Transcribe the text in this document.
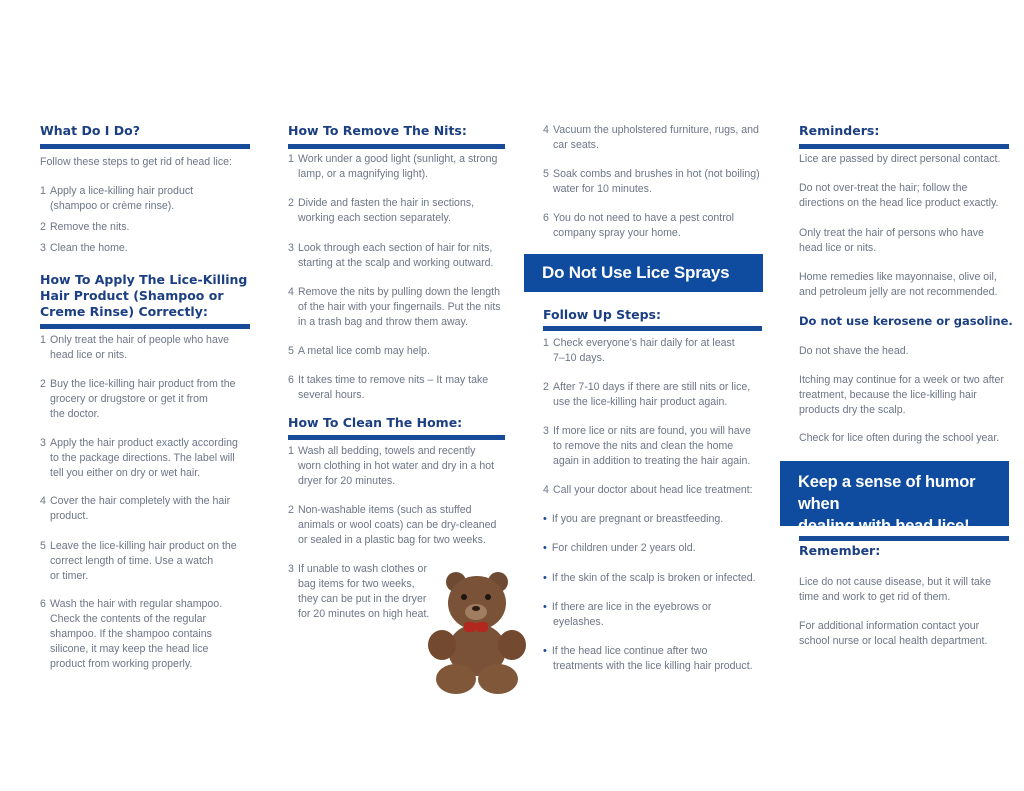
What Do I Do?
Follow these steps to get rid of head lice:
1 Apply a lice-killing hair product
(shampoo or crème rinse).
2 Remove the nits.
3 Clean the home.
How To Apply The Lice-Killing
Hair Product (Shampoo or
Creme Rinse) Correctly:
1 Only treat the hair of people who have
head lice or nits.
2 Buy the lice-killing hair product from the
grocery or drugstore or get it from
the doctor.
3 Apply the hair product exactly according
to the package directions. The label will
tell you either on dry or wet hair.
4 Cover the hair completely with the hair
product.
5 Leave the lice-killing hair product on the
correct length of time. Use a watch
or timer.
6 Wash the hair with regular shampoo.
Check the contents of the regular
shampoo. If the shampoo contains
silicone, it may keep the head lice
product from working properly.
How To Remove The Nits:
1 Work under a good light (sunlight, a strong
lamp, or a magnifying light).
2 Divide and fasten the hair in sections,
working each section separately.
3 Look through each section of hair for nits,
starting at the scalp and working outward.
4 Remove the nits by pulling down the length
of the hair with your fingernails. Put the nits
in a trash bag and throw them away.
5 A metal lice comb may help.
6 It takes time to remove nits – It may take
several hours.
How To Clean The Home:
1 Wash all bedding, towels and recently
worn clothing in hot water and dry in a hot
dryer for 20 minutes.
2 Non-washable items (such as stuffed
animals or wool coats) can be dry-cleaned
or sealed in a plastic bag for two weeks.
3 If unable to wash clothes or
bag items for two weeks,
they can be put in the dryer
for 20 minutes on high heat.
4 Vacuum the upholstered furniture, rugs, and
car seats.
5 Soak combs and brushes in hot (not boiling)
water for 10 minutes.
6 You do not need to have a pest control
company spray your home.
Do Not Use Lice Sprays
Follow Up Steps:
1 Check everyone’s hair daily for at least
7–10 days.
2 After 7-10 days if there are still nits or lice,
use the lice-killing hair product again.
3 If more lice or nits are found, you will have
to remove the nits and clean the home
again in addition to treating the hair again.
4 Call your doctor about head lice treatment:
• If you are pregnant or breastfeeding.
• For children under 2 years old.
• If the skin of the scalp is broken or infected.
• If there are lice in the eyebrows or
eyelashes.
• If the head lice continue after two
treatments with the lice killing hair product.
Reminders:
Lice are passed by direct personal contact.
Do not over-treat the hair; follow the
directions on the head lice product exactly.
Only treat the hair of persons who have
head lice or nits.
Home remedies like mayonnaise, olive oil,
and petroleum jelly are not recommended.
Do not use kerosene or gasoline.
Do not shave the head.
Itching may continue for a week or two after
treatment, because the lice-killing hair
products dry the scalp.
Check for lice often during the school year.
Keep a sense of humor when
dealing with head lice!
Remember:
Lice do not cause disease, but it will take
time and work to get rid of them.
For additional information contact your
school nurse or local health department.
